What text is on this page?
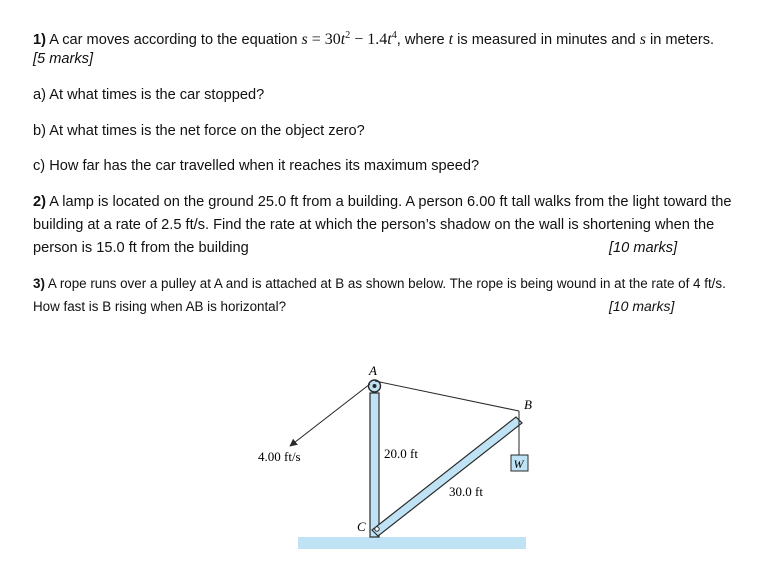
1) A car moves according to the equation $s = 30t^2 - 1.4t^4$, where t is measured in minutes and s in meters.
[5 marks]
a) At what times is the car stopped?
b) At what times is the net force on the object zero?
c) How far has the car travelled when it reaches its maximum speed?
2) A lamp is located on the ground 25.0 ft from a building. A person 6.00 ft tall walks from the light toward the
building at a rate of 2.5 ft/s. Find the rate at which the person’s shadow on the wall is shortening when the
person is 15.0 ft from the building	[10 marks]
3) A rope runs over a pulley at A and is attached at B as shown below. The rope is being wound in at the rate of 4 ft/s.
How fast is B rising when AB is horizontal?	[10 marks]
A
B
C
W
4.00 ft/s	20.0 ft
30.0 ft
